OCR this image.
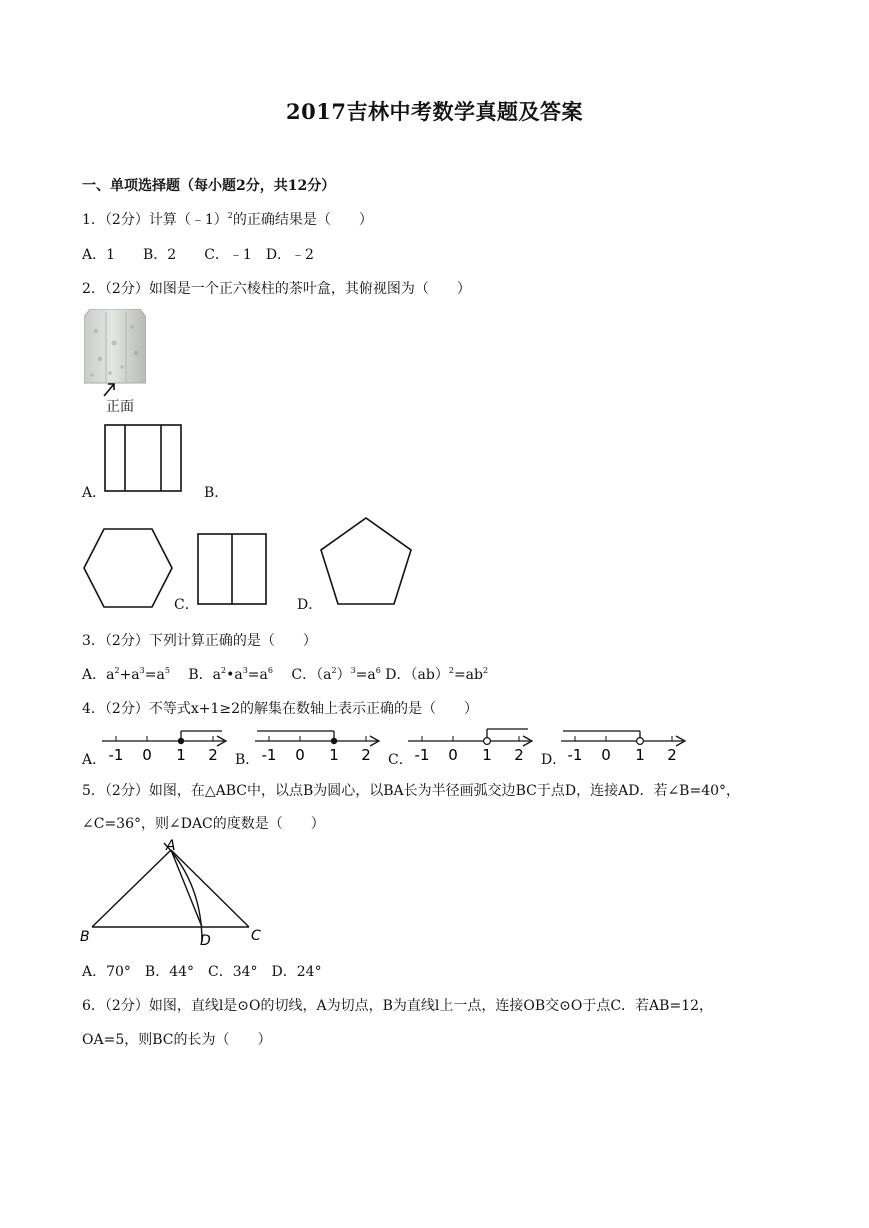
2017吉林中考数学真题及答案
一、单项选择题（每小题2分，共12分）
1．（2分）计算（﹣1）$^2$的正确结果是（　　）
A．1　　B．2　　C．﹣1　D．﹣2
2．（2分）如图是一个正六棱柱的茶叶盒，其俯视图为（　　）
正面
A．	B．
C．	D．
3．（2分）下列计算正确的是（　　）
A．$a^2+a^3=a^5$   B．$a^2•a^3=a^6$   C．$(a^2)^3=a^6$ D．$(ab)^2=ab^2$
4．（2分）不等式x+1≥2的解集在数轴上表示正确的是（　　）
A． -1 0 1 2 B． -1 0 1 2 C． -1 0 1 2 D． -1 0 1 2
5．（2分）如图，在△ABC中，以点B为圆心，以BA长为半径画弧交边BC于点D，连接AD．若∠B=40°，
∠C=36°，则∠DAC的度数是（　　）
A
B	D	C
A．70°　B．44°　C．34°　D．24°
6．（2分）如图，直线l是⊙O的切线，A为切点，B为直线l上一点，连接OB交⊙O于点C．若AB=12，
OA=5，则BC的长为（　　）
